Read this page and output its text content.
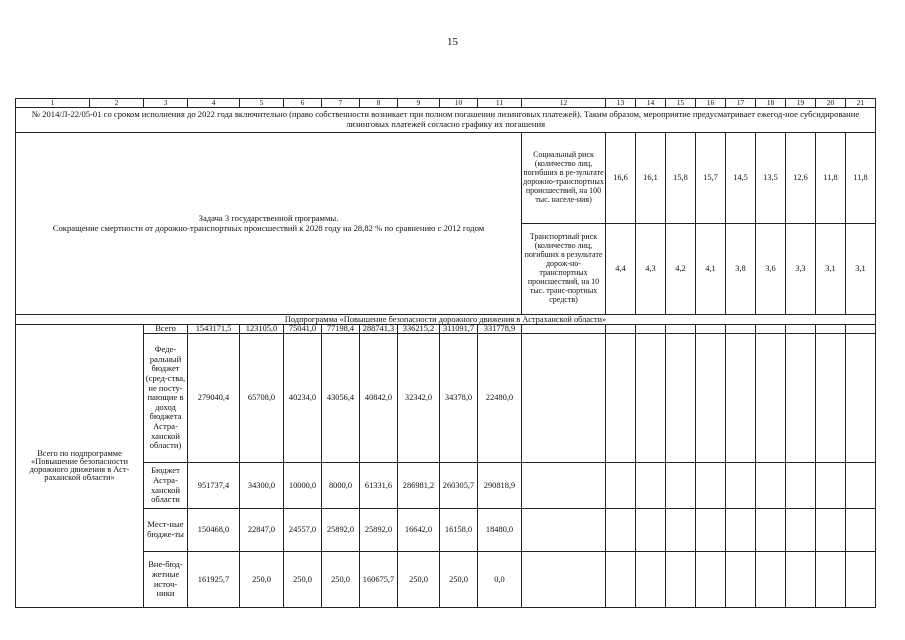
15
1	2	3	4	5	6	7	8	9	10	11	12	13	14	15	16	17	18	19	20	21
№ 2014/Л-22/05-01 со сроком исполнения до 2022 года включительно (право собственности возникает при полном погашении лизинговых платежей). Таким образом, мероприятие предусматривает ежегод-ное субсидирование лизинговых платежей согласно графику их погашения																				

Задача 3 государственной программы.
Сокращение смертности от дорожно-транспортных происшествий к 2028 году на 28,82 % по сравнению с 2012 годом											Социальный риск (количество лиц, погибших в ре-зультате дорожно-транспортных происшествий, на 100 тыс. населе-ния)	16,6	16,1	15,8	15,7	14,5	13,5	12,6	11,8	11,8
											Транспортный риск (количество лиц, погибших в результате дорож-но-транспортных происшествий, на 10 тыс. транс-портных средств)	4,4	4,3	4,2	4,1	3,8	3,6	3,3	3,1	3,1
Подпрограмма «Повышение безопасности дорожного движения в Астраханской области»																				
Всего по подпрограмме «Повышение безопасности дорожного движения в Аст-раханской области»		Всего	1543171,5	123105,0	75041,0	77198,4	288741,3	336215,2	311091,7	331778,9										
		Феде-ральный бюджет (сред-ства, не посту-пающие в доход бюджета Астра-ханской области)	279040,4	65708,0	40234,0	43056,4	40842,0	32342,0	34378,0	22480,0										
		Бюджет Астра-ханской области	951737,4	34300,0	10000,0	8000,0	61331,6	286981,2	260305,7	290818,9										
		Мест-ные бюдже-ты	150468,0	22847,0	24557,0	25892,0	25892,0	16642,0	16158,0	18480,0										
		Вне-бюд-жетные источ-ники	161925,7	250,0	250,0	250,0	160675,7	250,0	250,0	0,0										
